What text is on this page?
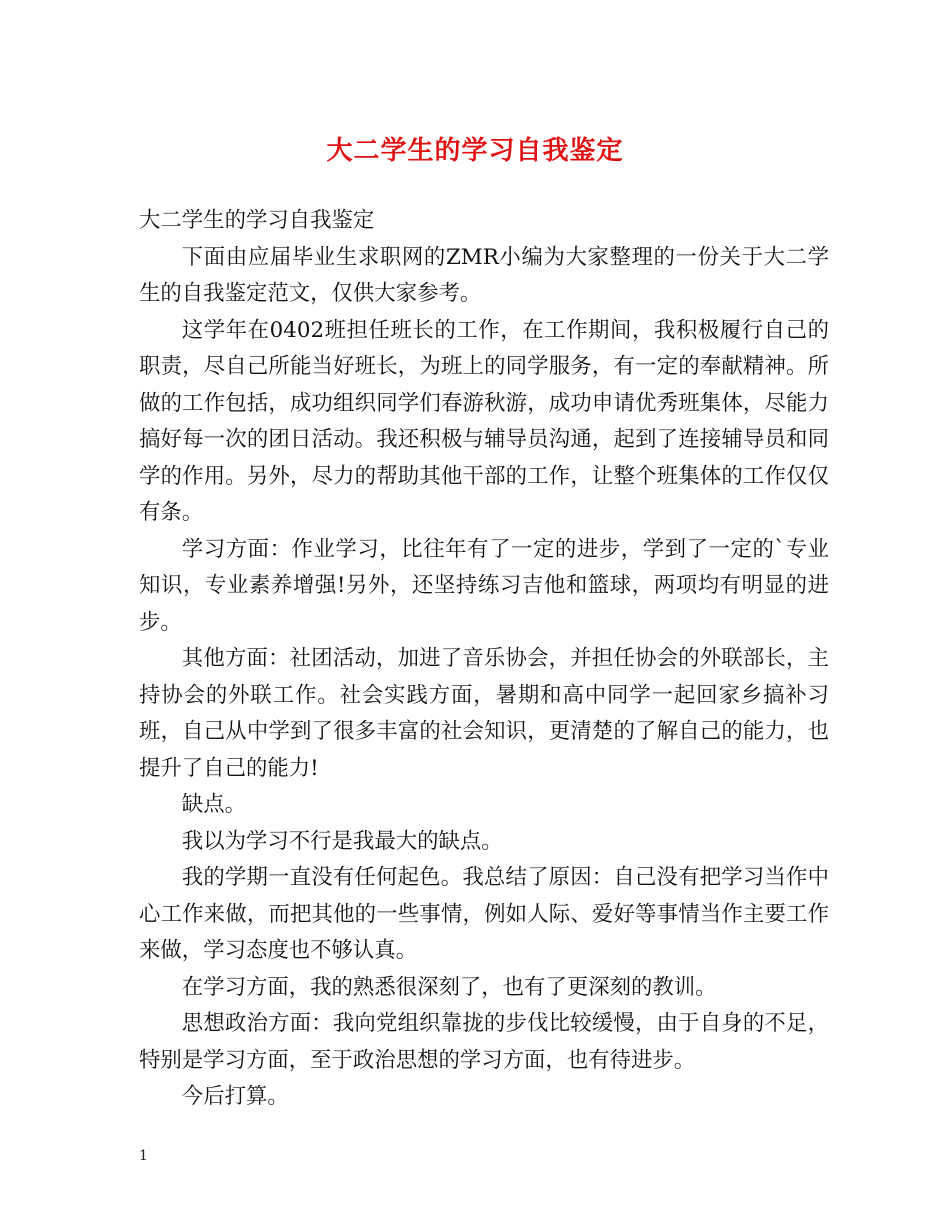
大二学生的学习自我鉴定

大二学生的学习自我鉴定

下面由应届毕业生求职网的ZMR小编为大家整理的一份关于大二学生的自我鉴定范文，仅供大家参考。

这学年在0402班担任班长的工作，在工作期间，我积极履行自己的职责，尽自己所能当好班长，为班上的同学服务，有一定的奉献精神。所做的工作包括，成功组织同学们春游秋游，成功申请优秀班集体，尽能力搞好每一次的团日活动。我还积极与辅导员沟通，起到了连接辅导员和同学的作用。另外，尽力的帮助其他干部的工作，让整个班集体的工作仅仅有条。

学习方面：作业学习，比往年有了一定的进步，学到了一定的`专业知识，专业素养增强!另外，还坚持练习吉他和篮球，两项均有明显的进步。

其他方面：社团活动，加进了音乐协会，并担任协会的外联部长，主持协会的外联工作。社会实践方面，暑期和高中同学一起回家乡搞补习班，自己从中学到了很多丰富的社会知识，更清楚的了解自己的能力，也提升了自己的能力!

缺点。

我以为学习不行是我最大的缺点。

我的学期一直没有任何起色。我总结了原因：自己没有把学习当作中心工作来做，而把其他的一些事情，例如人际、爱好等事情当作主要工作来做，学习态度也不够认真。

在学习方面，我的熟悉很深刻了，也有了更深刻的教训。

思想政治方面：我向党组织靠拢的步伐比较缓慢，由于自身的不足，特别是学习方面，至于政治思想的学习方面，也有待进步。

今后打算。

1
